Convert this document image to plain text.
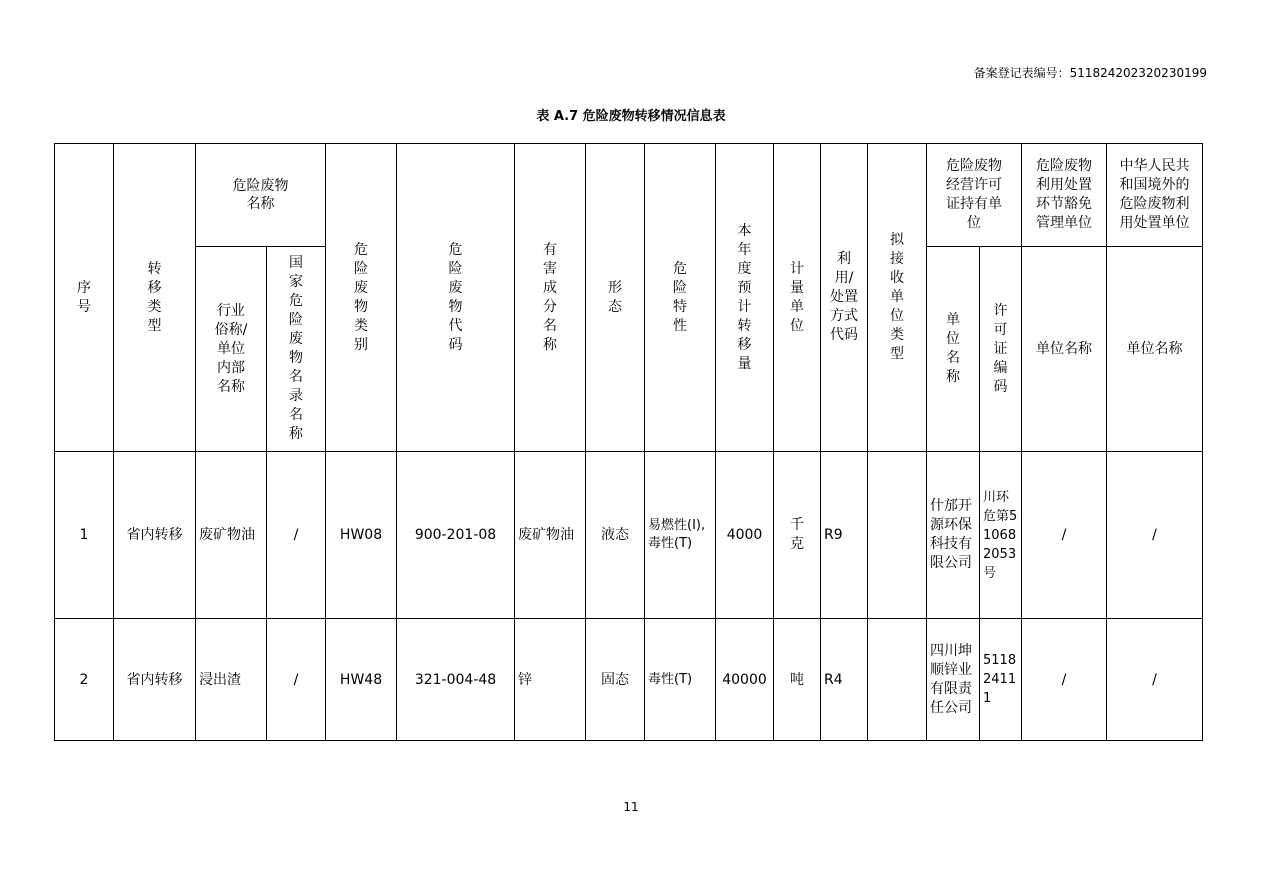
备案登记表编号：511824202320230199
表 A.7 危险废物转移情况信息表
序号	转移类型	危险废物名称		危险废物类别	危险废物代码	有害成分名称	形态	危险特性	本年度预计转移量	计量单位	利用/处置方式代码	拟接收单位类型	危险废物经营许可证持有单位		危险废物利用处置环节豁免管理单位	中华人民共和国境外的危险废物利用处置单位

		行业俗称/单位内部名称	国家危险废物名录名称										单位名称	许可证编码	单位名称	单位名称
1	省内转移	废矿物油	/	HW08	900-201-08	废矿物油	液态	易燃性(I),毒性(T)	4000	千克	R9		什邡开源环保科技有限公司	川环危第510682053号	/	/
2	省内转移	浸出渣	/	HW48	321-004-48	锌	固态	毒性(T)	40000	吨	R4		四川坤顺锌业有限责任公司	511824111	/	/
11
